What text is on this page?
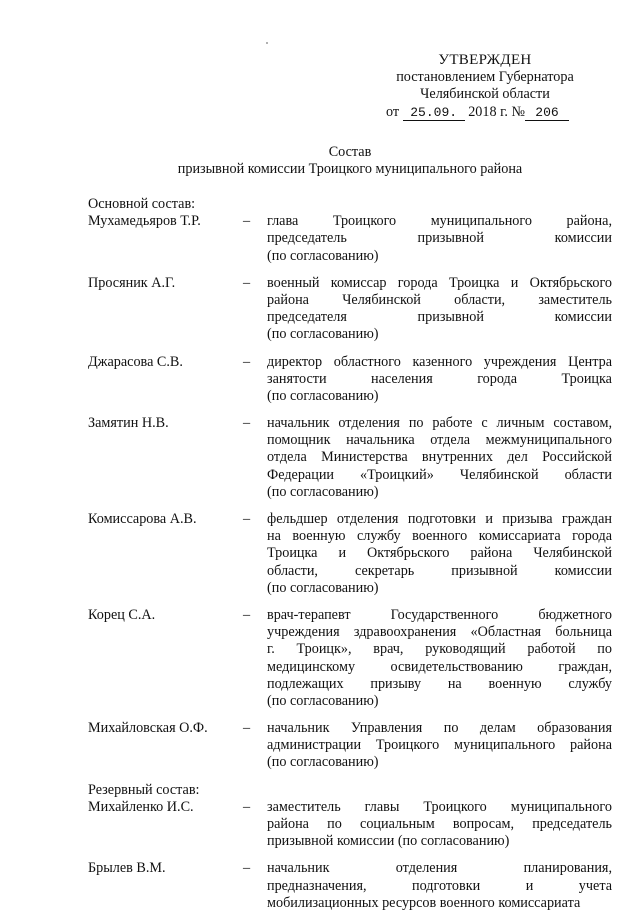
УТВЕРЖДЕН
постановлением Губернатора
Челябинской области
от 25.09. 2018 г. № 206
Состав
призывной комиссии Троицкого муниципального района
Основной состав:
Мухамедьяров Т.Р.	–	глава Троицкого муниципального района,
председатель призывной комиссии
(по согласованию)
Просяник А.Г.	–	военный комиссар города Троицка и Октябрьского
района Челябинской области, заместитель
председателя призывной комиссии
(по согласованию)
Джарасова С.В.	–	директор областного казенного учреждения Центра
занятости населения города Троицка
(по согласованию)
Замятин Н.В.	–	начальник отделения по работе с личным составом,
помощник начальника отдела межмуниципального
отдела Министерства внутренних дел Российской
Федерации «Троицкий» Челябинской области
(по согласованию)
Комиссарова А.В.	–	фельдшер отделения подготовки и призыва граждан
на военную службу военного комиссариата города
Троицка и Октябрьского района Челябинской
области, секретарь призывной комиссии
(по согласованию)
Корец С.А.	–	врач-терапевт Государственного бюджетного
учреждения здравоохранения «Областная больница
г. Троицк», врач, руководящий работой по
медицинскому освидетельствованию граждан,
подлежащих призыву на военную службу
(по согласованию)
Михайловская О.Ф.	–	начальник Управления по делам образования
администрации Троицкого муниципального района
(по согласованию)
Резервный состав:
Михайленко И.С.	–	заместитель главы Троицкого муниципального
района по социальным вопросам, председатель
призывной комиссии (по согласованию)
Брылев В.М.	–	начальник отделения планирования,
предназначения, подготовки и учета
мобилизационных ресурсов военного комиссариата
